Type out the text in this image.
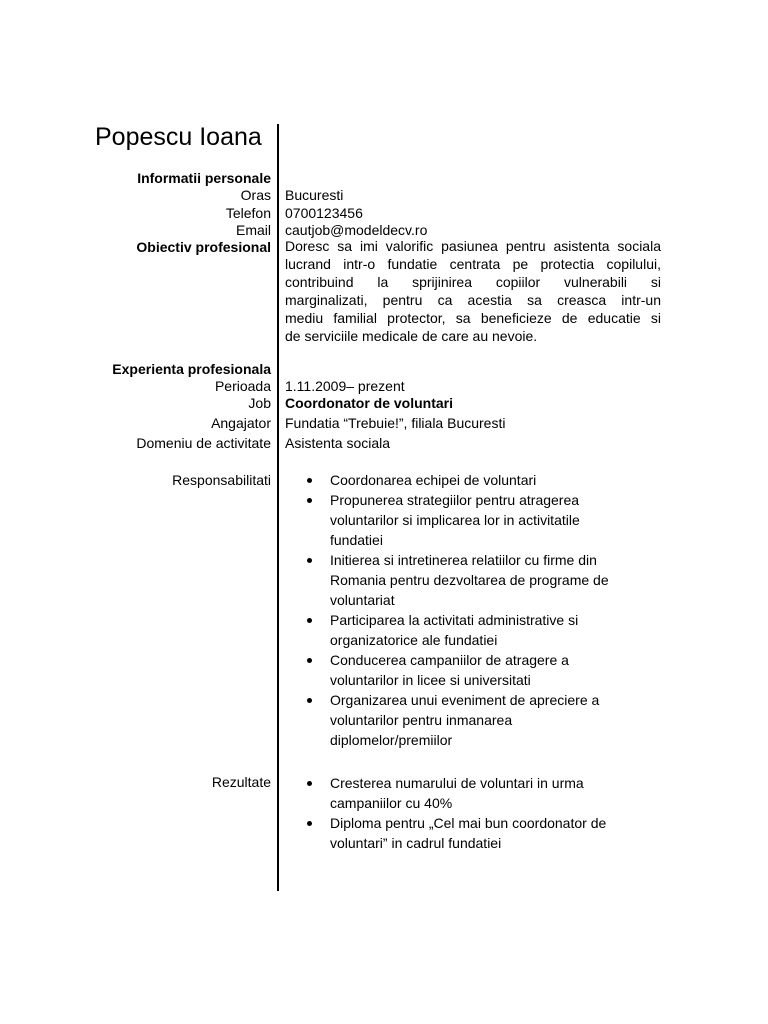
Popescu Ioana
Informatii personale
Oras Bucuresti
Telefon 0700123456
Email cautjob@modeldecv.ro
Obiectiv profesional Doresc sa imi valorific pasiunea pentru asistenta sociala
lucrand intr-o fundatie centrata pe protectia copilului,
contribuind la sprijinirea copiilor vulnerabili si
marginalizati, pentru ca acestia sa creasca intr-un
mediu familial protector, sa beneficieze de educatie si
de serviciile medicale de care au nevoie.
Experienta profesionala
Perioada 1.11.2009– prezent
Job Coordonator de voluntari
Angajator Fundatia “Trebuie!”, filiala Bucuresti
Domeniu de activitate Asistenta sociala
Responsabilitati	Coordonarea echipei de voluntari
Propunerea strategiilor pentru atragerea
voluntarilor si implicarea lor in activitatile
fundatiei
Initierea si intretinerea relatiilor cu firme din
Romania pentru dezvoltarea de programe de
voluntariat
Participarea la activitati administrative si
organizatorice ale fundatiei
Conducerea campaniilor de atragere a
voluntarilor in licee si universitati
Organizarea unui eveniment de apreciere a
voluntarilor pentru inmanarea
diplomelor/premiilor
Rezultate	Cresterea numarului de voluntari in urma
campaniilor cu 40%
Diploma pentru „Cel mai bun coordonator de
voluntari” in cadrul fundatiei
